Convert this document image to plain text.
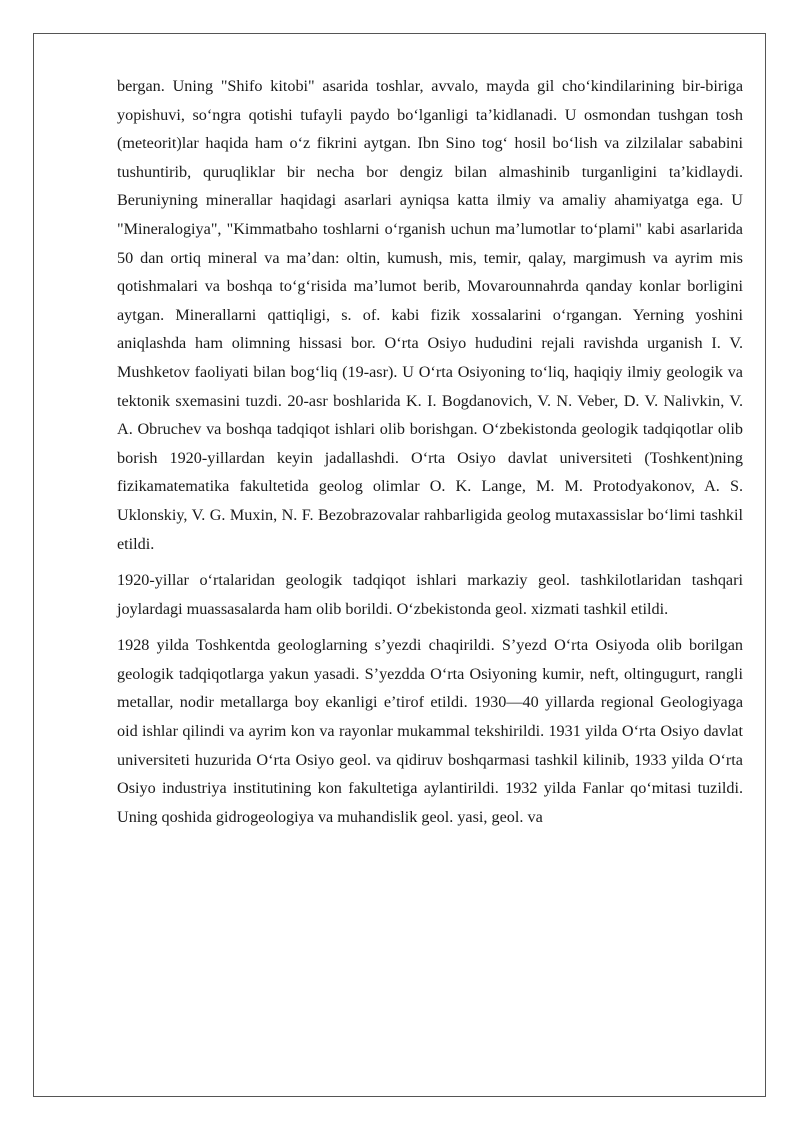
bergan. Uning "Shifo kitobi" asarida toshlar, avvalo, mayda gil cho‘kindilarining bir-biriga yopishuvi, so‘ngra qotishi tufayli paydo bo‘lganligi ta’kidlanadi. U osmondan tushgan tosh (meteorit)lar haqida ham o‘z fikrini aytgan. Ibn Sino tog‘ hosil bo‘lish va zilzilalar sababini tushuntirib, quruqliklar bir necha bor dengiz bilan almashinib turganligini ta’kidlaydi. Beruniyning minerallar haqidagi asarlari ayniqsa katta ilmiy va amaliy ahamiyatga ega. U "Mineralogiya", "Kimmatbaho toshlarni o‘rganish uchun ma’lumotlar to‘plami" kabi asarlarida 50 dan ortiq mineral va ma’dan: oltin, kumush, mis, temir, qalay, margimush va ayrim mis qotishmalari va boshqa to‘g‘risida ma’lumot berib, Movarounnahrda qanday konlar borligini aytgan. Minerallarni qattiqligi, s. of. kabi fizik xossalarini o‘rgangan. Yerning yoshini aniqlashda ham olimning hissasi bor. O‘rta Osiyo hududini rejali ravishda urganish I. V. Mushketov faoliyati bilan bog‘liq (19-asr). U O‘rta Osiyoning to‘liq, haqiqiy ilmiy geologik va tektonik sxemasini tuzdi. 20-asr boshlarida K. I. Bogdanovich, V. N. Veber, D. V. Nalivkin, V. A. Obruchev va boshqa tadqiqot ishlari olib borishgan. O‘zbekistonda geologik tadqiqotlar olib borish 1920-yillardan keyin jadallashdi. O‘rta Osiyo davlat universiteti (Toshkent)ning fizikamatematika fakultetida geolog olimlar O. K. Lange, M. M. Protodyakonov, A. S. Uklonskiy, V. G. Muxin, N. F. Bezobrazovalar rahbarligida geolog mutaxassislar bo‘limi tashkil etildi.

1920-yillar o‘rtalaridan geologik tadqiqot ishlari markaziy geol. tashkilotlaridan tashqari joylardagi muassasalarda ham olib borildi. O‘zbekistonda geol. xizmati tashkil etildi.

1928 yilda Toshkentda geologlarning s’yezdi chaqirildi. S’yezd O‘rta Osiyoda olib borilgan geologik tadqiqotlarga yakun yasadi. S’yezdda O‘rta Osiyoning kumir, neft, oltingugurt, rangli metallar, nodir metallarga boy ekanligi e’tirof etildi. 1930—40 yillarda regional Geologiyaga oid ishlar qilindi va ayrim kon va rayonlar mukammal tekshirildi. 1931 yilda O‘rta Osiyo davlat universiteti huzurida O‘rta Osiyo geol. va qidiruv boshqarmasi tashkil kilinib, 1933 yilda O‘rta Osiyo industriya institutining kon fakultetiga aylantirildi. 1932 yilda Fanlar qo‘mitasi tuzildi. Uning qoshida gidrogeologiya va muhandislik geol. yasi, geol. va
